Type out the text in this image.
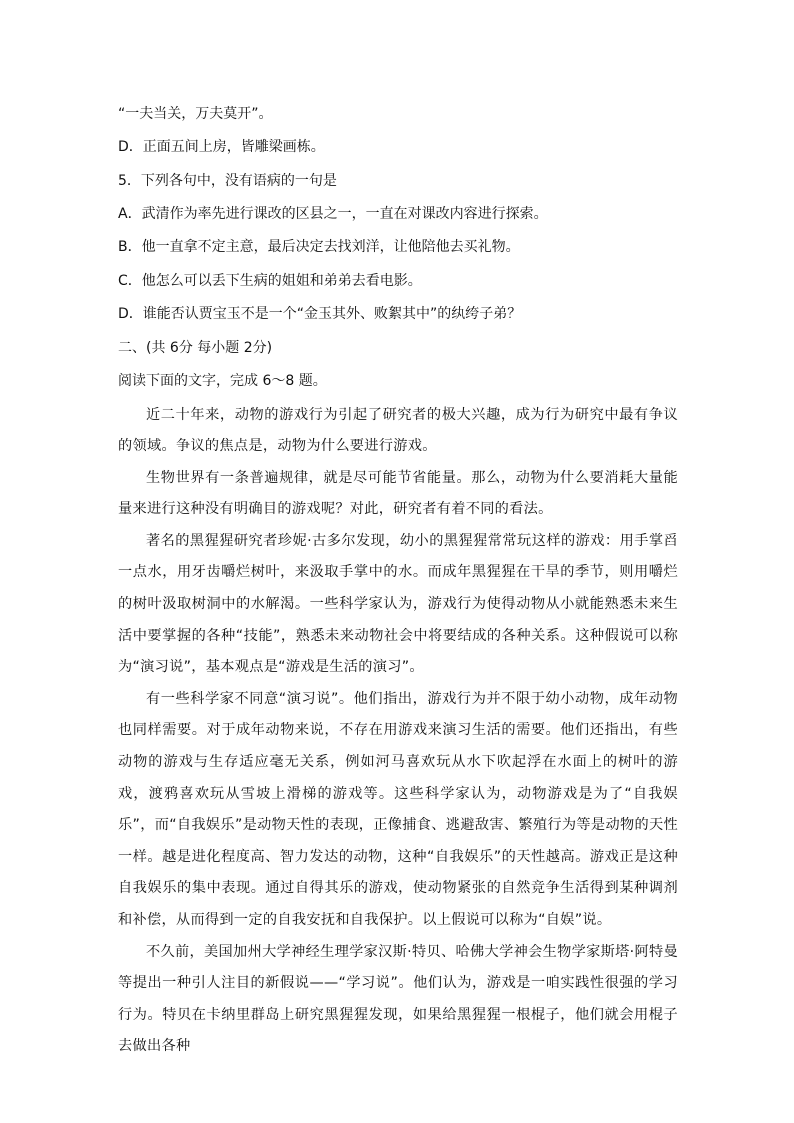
“一夫当关，万夫莫开”。
D．正面五间上房，皆雕梁画栋。
5．下列各句中，没有语病的一句是
A．武清作为率先进行课改的区县之一，一直在对课改内容进行探索。
B．他一直拿不定主意，最后决定去找刘洋，让他陪他去买礼物。
C．他怎么可以丢下生病的姐姐和弟弟去看电影。
D．谁能否认贾宝玉不是一个“金玉其外、败絮其中”的纨绔子弟？
二、(共 6分 每小题 2分)
阅读下面的文字，完成 6～8 题。

近二十年来，动物的游戏行为引起了研究者的极大兴趣，成为行为研究中最有争议的领域。争议的焦点是，动物为什么要进行游戏。

生物世界有一条普遍规律，就是尽可能节省能量。那么，动物为什么要消耗大量能量来进行这种没有明确目的游戏呢？对此，研究者有着不同的看法。

著名的黑猩猩研究者珍妮·古多尔发现，幼小的黑猩猩常常玩这样的游戏：用手掌舀一点水，用牙齿嚼烂树叶，来汲取手掌中的水。而成年黑猩猩在干旱的季节，则用嚼烂的树叶汲取树洞中的水解渴。一些科学家认为，游戏行为使得动物从小就能熟悉未来生活中要掌握的各种“技能”，熟悉未来动物社会中将要结成的各种关系。这种假说可以称为“演习说”，基本观点是“游戏是生活的演习”。

有一些科学家不同意“演习说”。他们指出，游戏行为并不限于幼小动物，成年动物也同样需要。对于成年动物来说，不存在用游戏来演习生活的需要。他们还指出，有些动物的游戏与生存适应毫无关系，例如河马喜欢玩从水下吹起浮在水面上的树叶的游戏，渡鸦喜欢玩从雪坡上滑梯的游戏等。这些科学家认为，动物游戏是为了“自我娱乐”，而“自我娱乐”是动物天性的表现，正像捕食、逃避敌害、繁殖行为等是动物的天性一样。越是进化程度高、智力发达的动物，这种“自我娱乐”的天性越高。游戏正是这种自我娱乐的集中表现。通过自得其乐的游戏，使动物紧张的自然竞争生活得到某种调剂和补偿，从而得到一定的自我安抚和自我保护。以上假说可以称为“自娱”说。

不久前，美国加州大学神经生理学家汉斯·特贝、哈佛大学神会生物学家斯塔·阿特曼等提出一种引人注目的新假说——“学习说”。他们认为，游戏是一咱实践性很强的学习行为。特贝在卡纳里群岛上研究黑猩猩发现，如果给黑猩猩一根棍子，他们就会用棍子去做出各种
